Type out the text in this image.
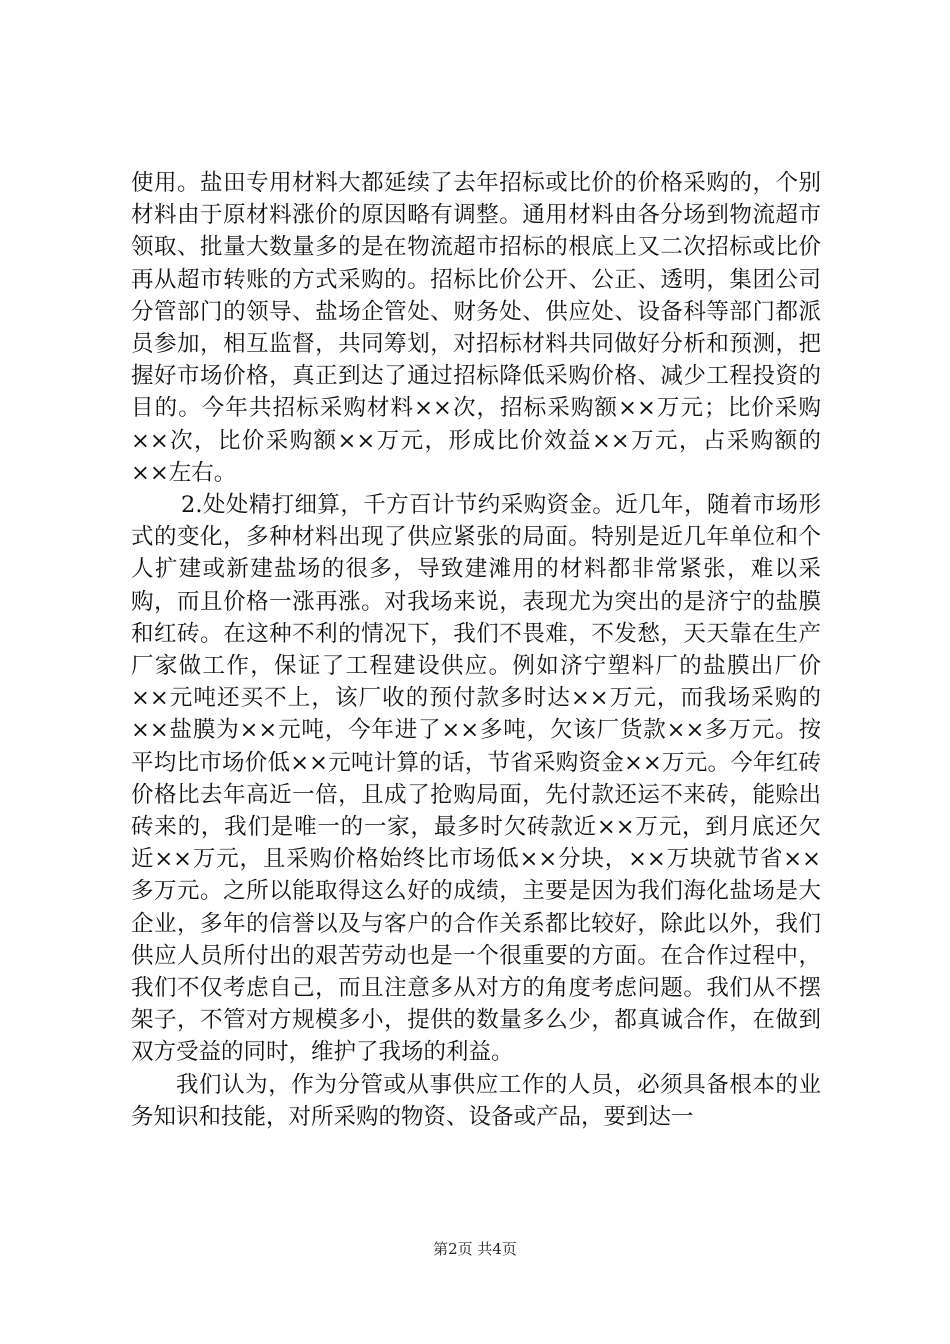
使用。盐田专用材料大都延续了去年招标或比价的价格采购的，个别材料由于原材料涨价的原因略有调整。通用材料由各分场到物流超市领取、批量大数量多的是在物流超市招标的根底上又二次招标或比价再从超市转账的方式采购的。招标比价公开、公正、透明，集团公司分管部门的领导、盐场企管处、财务处、供应处、设备科等部门都派员参加，相互监督，共同筹划，对招标材料共同做好分析和预测，把握好市场价格，真正到达了通过招标降低采购价格、减少工程投资的目的。今年共招标采购材料××次，招标采购额××万元；比价采购××次，比价采购额××万元，形成比价效益××万元，占采购额的××左右。

2.处处精打细算，千方百计节约采购资金。近几年，随着市场形式的变化，多种材料出现了供应紧张的局面。特别是近几年单位和个人扩建或新建盐场的很多，导致建滩用的材料都非常紧张，难以采购，而且价格一涨再涨。对我场来说，表现尤为突出的是济宁的盐膜和红砖。在这种不利的情况下，我们不畏难，不发愁，天天靠在生产厂家做工作，保证了工程建设供应。例如济宁塑料厂的盐膜出厂价××元吨还买不上，该厂收的预付款多时达××万元，而我场采购的××盐膜为××元吨，今年进了××多吨，欠该厂货款××多万元。按平均比市场价低××元吨计算的话，节省采购资金××万元。今年红砖价格比去年高近一倍，且成了抢购局面，先付款还运不来砖，能赊出砖来的，我们是唯一的一家，最多时欠砖款近××万元，到月底还欠近××万元，且采购价格始终比市场低××分块，××万块就节省××多万元。之所以能取得这么好的成绩，主要是因为我们海化盐场是大企业，多年的信誉以及与客户的合作关系都比较好，除此以外，我们供应人员所付出的艰苦劳动也是一个很重要的方面。在合作过程中，我们不仅考虑自己，而且注意多从对方的角度考虑问题。我们从不摆架子，不管对方规模多小，提供的数量多么少，都真诚合作，在做到双方受益的同时，维护了我场的利益。

我们认为，作为分管或从事供应工作的人员，必须具备根本的业务知识和技能，对所采购的物资、设备或产品，要到达一

第2页 共4页
